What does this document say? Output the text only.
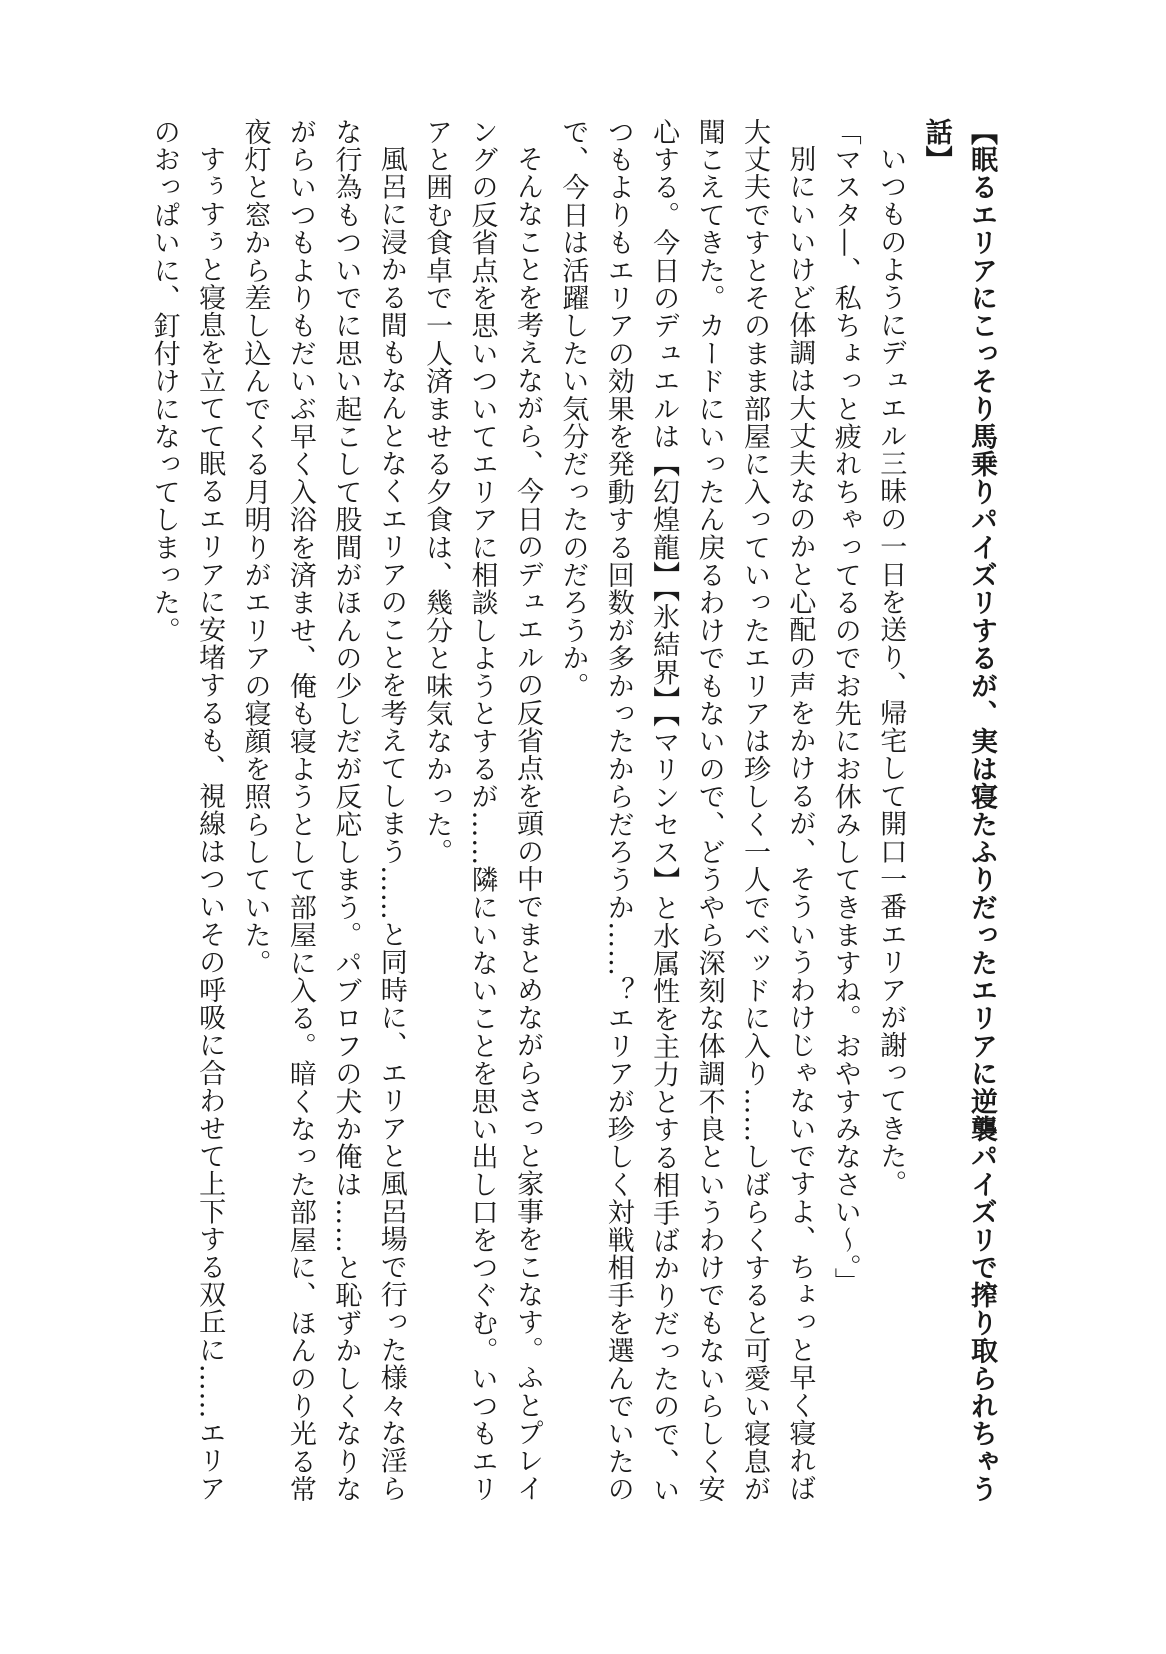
【眠るエリアにこっそり馬乗りパイズリするが、実は寝たふりだったエリアに逆襲パイズリで搾り取られちゃう話】

いつものようにデュエル三昧の一日を送り、帰宅して開口一番エリアが謝ってきた。

「マスタ―、私ちょっと疲れちゃってるのでお先にお休みしてきますね。おやすみなさい〜。」

別にいいけど体調は大丈夫なのかと心配の声をかけるが、そういうわけじゃないですよ、ちょっと早く寝れば大丈夫ですとそのまま部屋に入っていったエリアは珍しく一人でベッドに入り……しばらくすると可愛い寝息が聞こえてきた。カードにいったん戻るわけでもないので、どうやら深刻な体調不良というわけでもないらしく安心する。今日のデュエルは【幻煌龍】【氷結界】【マリンセス】と水属性を主力とする相手ばかりだったので、いつもよりもエリアの効果を発動する回数が多かったからだろうか……？エリアが珍しく対戦相手を選んでいたので、今日は活躍したい気分だったのだろうか。

そんなことを考えながら、今日のデュエルの反省点を頭の中でまとめながらさっと家事をこなす。ふとプレイングの反省点を思いついてエリアに相談しようとするが……隣にいないことを思い出し口をつぐむ。いつもエリアと囲む食卓で一人済ませる夕食は、幾分と味気なかった。

風呂に浸かる間もなんとなくエリアのことを考えてしまう……と同時に、エリアと風呂場で行った様々な淫らな行為もついでに思い起こして股間がほんの少しだが反応しまう。パブロフの犬か俺は……と恥ずかしくなりながらいつもよりもだいぶ早く入浴を済ませ、俺も寝ようとして部屋に入る。暗くなった部屋に、ほんのり光る常夜灯と窓から差し込んでくる月明りがエリアの寝顔を照らしていた。

すぅすぅと寝息を立てて眠るエリアに安堵するも、視線はついその呼吸に合わせて上下する双丘に……エリアのおっぱいに、釘付けになってしまった。
